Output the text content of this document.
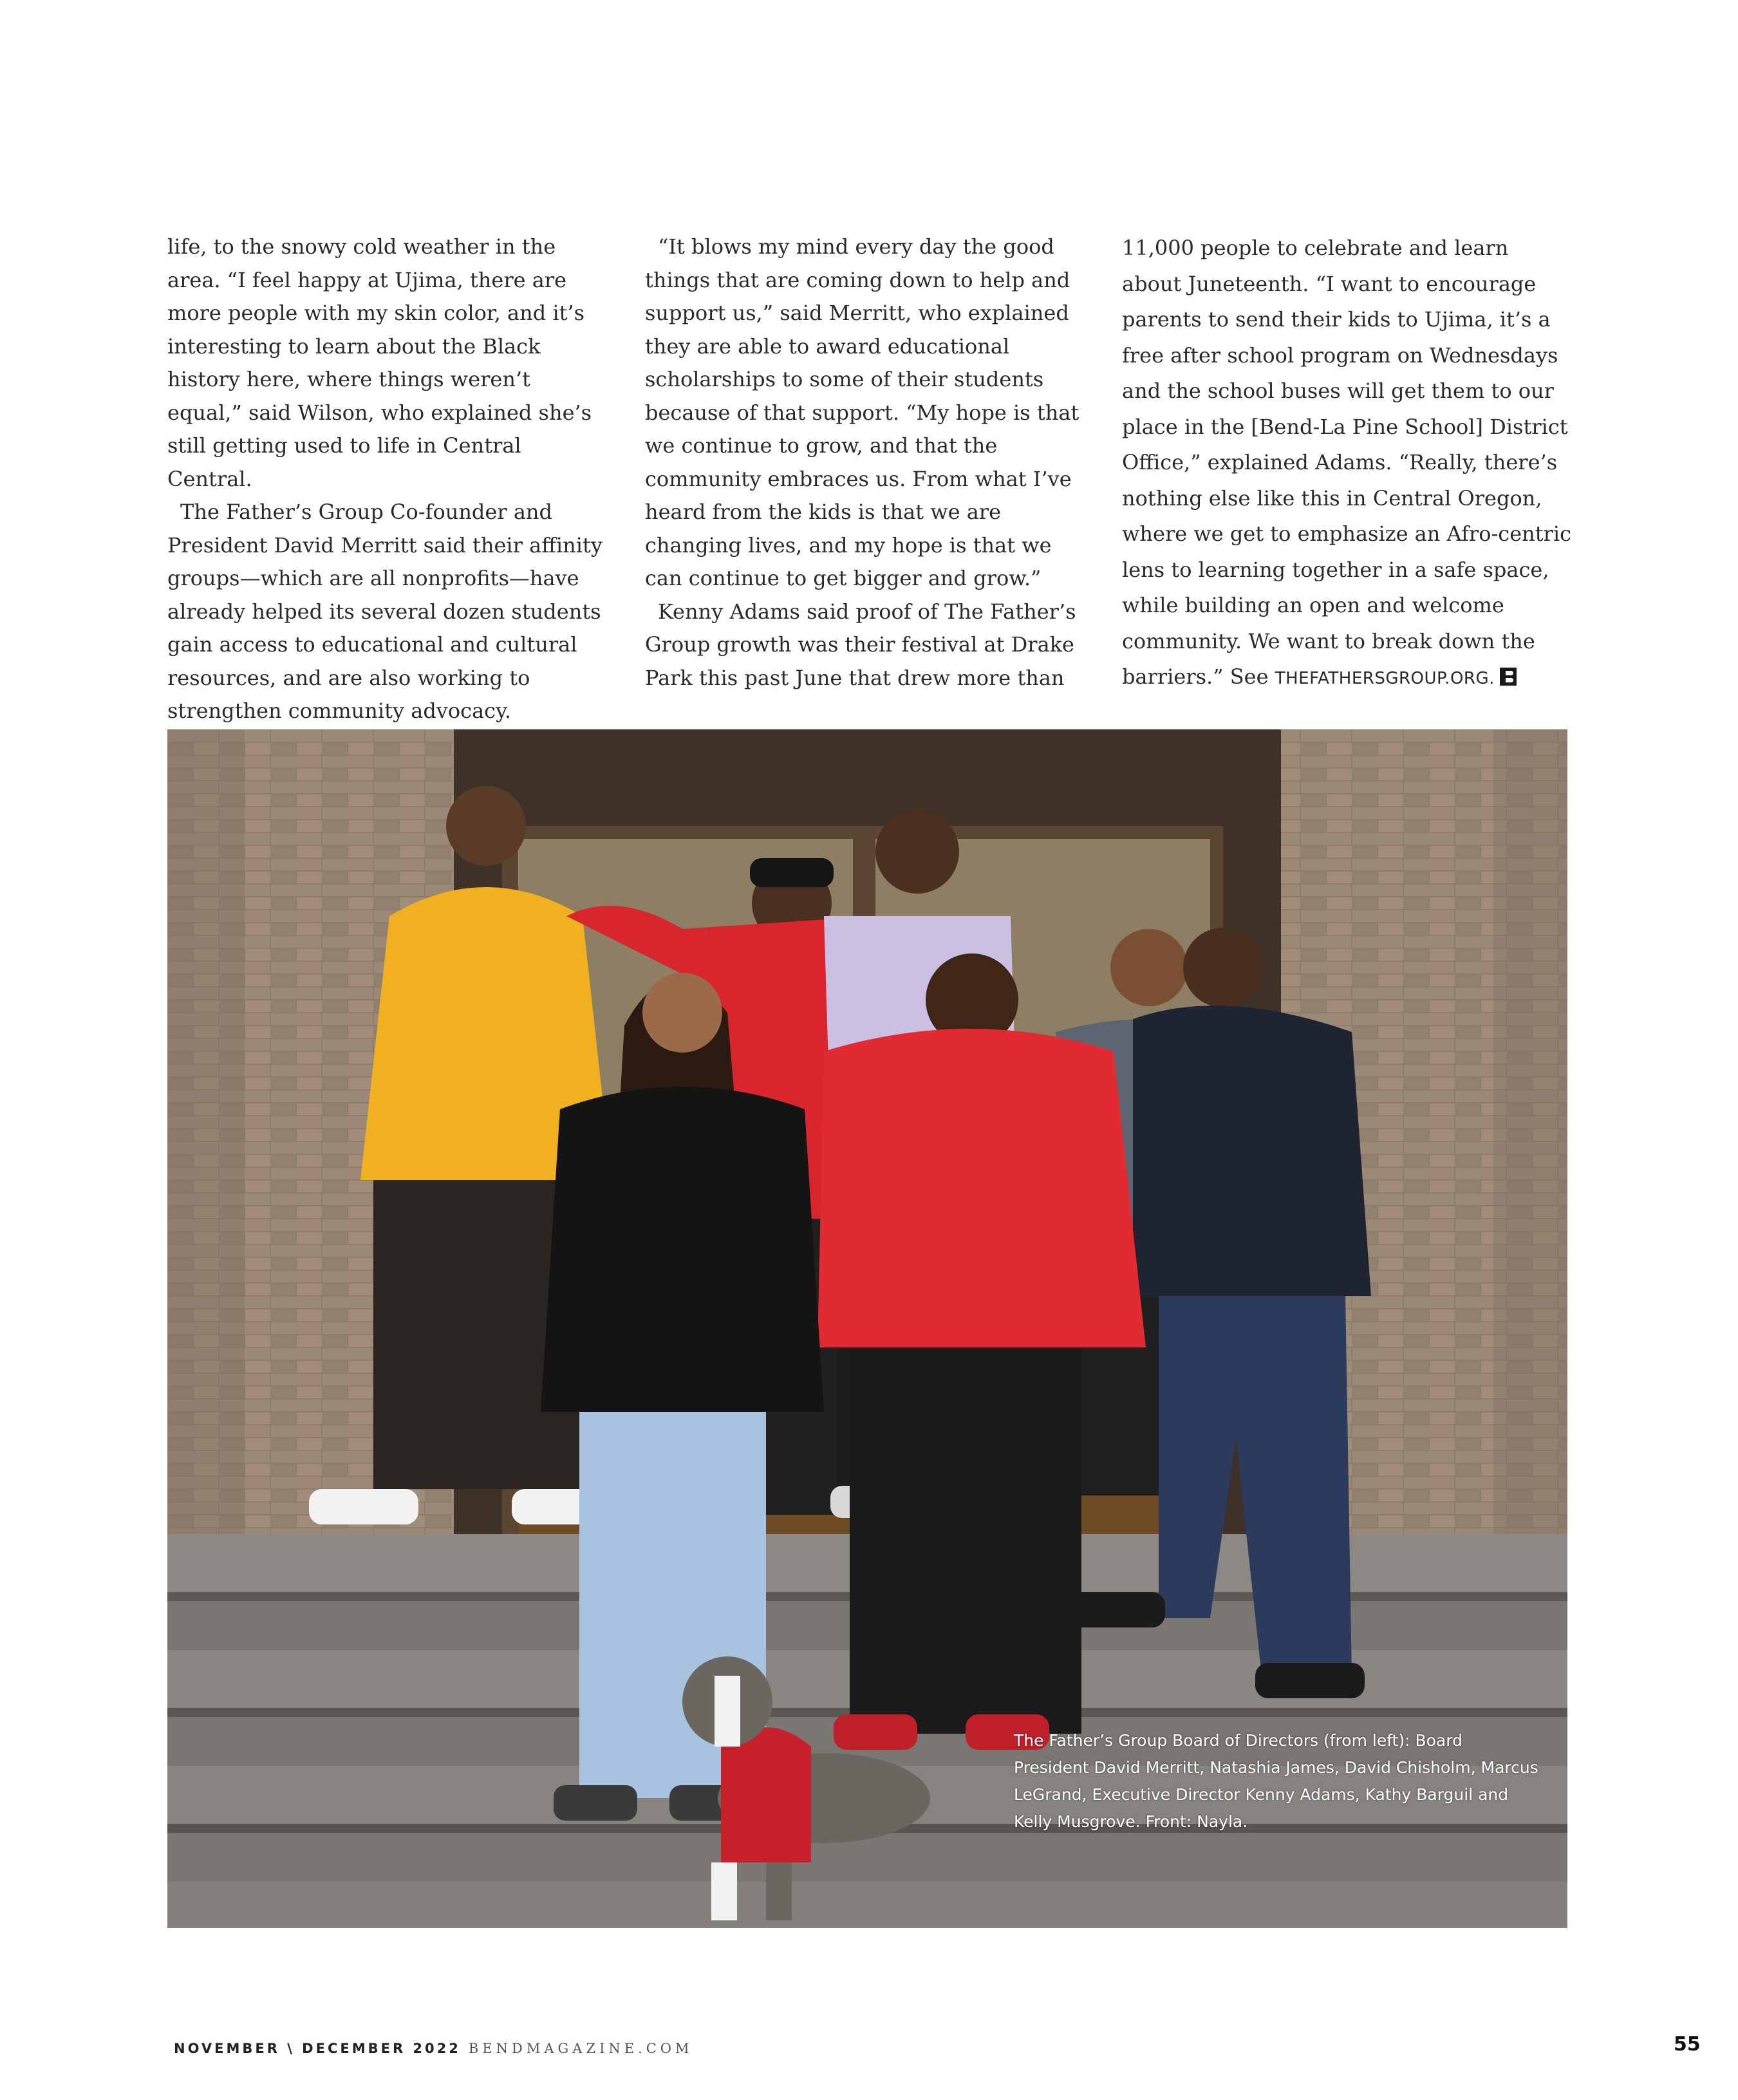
life, to the snowy cold weather in the area. “I feel happy at Ujima, there are more people with my skin color, and it’s interesting to learn about the Black history here, where things weren’t equal,” said Wilson, who explained she’s still getting used to life in Central Central.

The Father’s Group Co-founder and President David Merritt said their affinity groups—which are all nonprofits—have already helped its several dozen students gain access to educational and cultural resources, and are also working to strengthen community advocacy.

“It blows my mind every day the good things that are coming down to help and support us,” said Merritt, who explained they are able to award educational scholarships to some of their students because of that support. “My hope is that we continue to grow, and that the community embraces us. From what I’ve heard from the kids is that we are changing lives, and my hope is that we can continue to get bigger and grow.”

Kenny Adams said proof of The Father’s Group growth was their festival at Drake Park this past June that drew more than

11,000 people to celebrate and learn about Juneteenth. “I want to encourage parents to send their kids to Ujima, it’s a free after school program on Wednesdays and the school buses will get them to our place in the [Bend-La Pine School] District Office,” explained Adams. “Really, there’s nothing else like this in Central Oregon, where we get to emphasize an Afro-centric lens to learning together in a safe space, while building an open and welcome community. We want to break down the barriers.” See THEFATHERSGROUP.ORG.

The Father’s Group Board of Directors (from left): Board President David Merritt, Natashia James, David Chisholm, Marcus LeGrand, Executive Director Kenny Adams, Kathy Barguil and Kelly Musgrove. Front: Nayla.
NOVEMBER \ DECEMBER 2022 BENDMAGAZINE.COM	55
